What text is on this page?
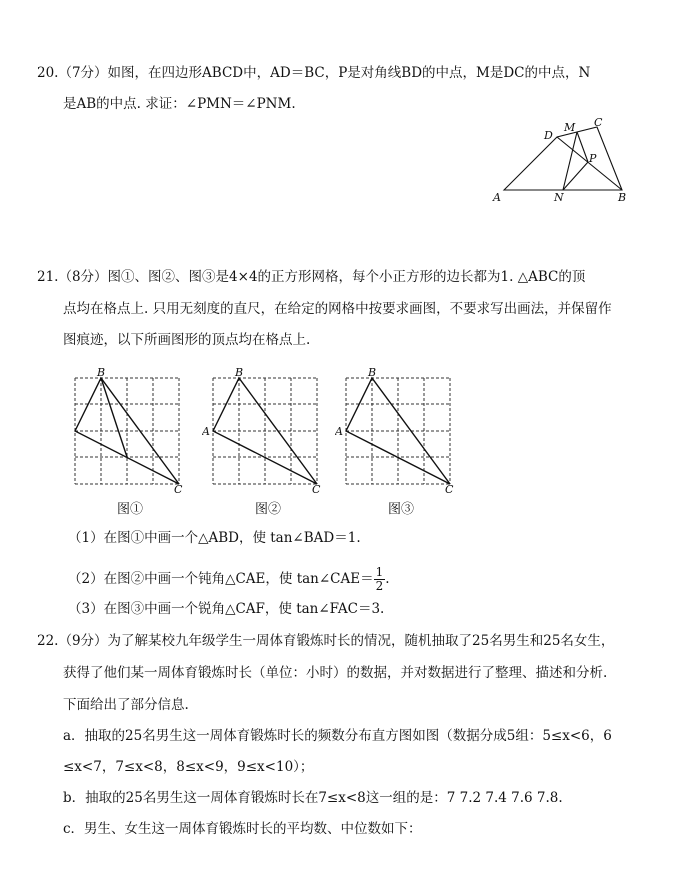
20.（7分）如图，在四边形ABCD中，AD＝BC，P是对角线BD的中点，M是DC的中点，N
是AB的中点. 求证：∠PMN＝∠PNM.
A	B
C
D
M
N
P
21.（8分）图①、图②、图③是4×4的正方形网格，每个小正方形的边长都为1. △ABC的顶
点均在格点上. 只用无刻度的直尺，在给定的网格中按要求画图，不要求写出画法，并保留作
图痕迹，以下所画图形的顶点均在格点上.
B
C
图①
A
B
C
图②
A
B
C
图③
（1）在图①中画一个△ABD，使 tan∠BAD＝1.
（2）在图②中画一个钝角△CAE，使 tan∠CAE＝ $\frac{1}{2}$ .
（3）在图③中画一个锐角△CAF，使 tan∠FAC＝3.
22.（9分）为了解某校九年级学生一周体育锻炼时长的情况，随机抽取了25名男生和25名女生，
获得了他们某一周体育锻炼时长（单位：小时）的数据，并对数据进行了整理、描述和分析.
下面给出了部分信息.
a．抽取的25名男生这一周体育锻炼时长的频数分布直方图如图（数据分成5组：5≤x<6，6
≤x<7，7≤x<8，8≤x<9，9≤x<10）；
b．抽取的25名男生这一周体育锻炼时长在7≤x<8这一组的是：7 7.2 7.4 7.6 7.8.
c．男生、女生这一周体育锻炼时长的平均数、中位数如下：
